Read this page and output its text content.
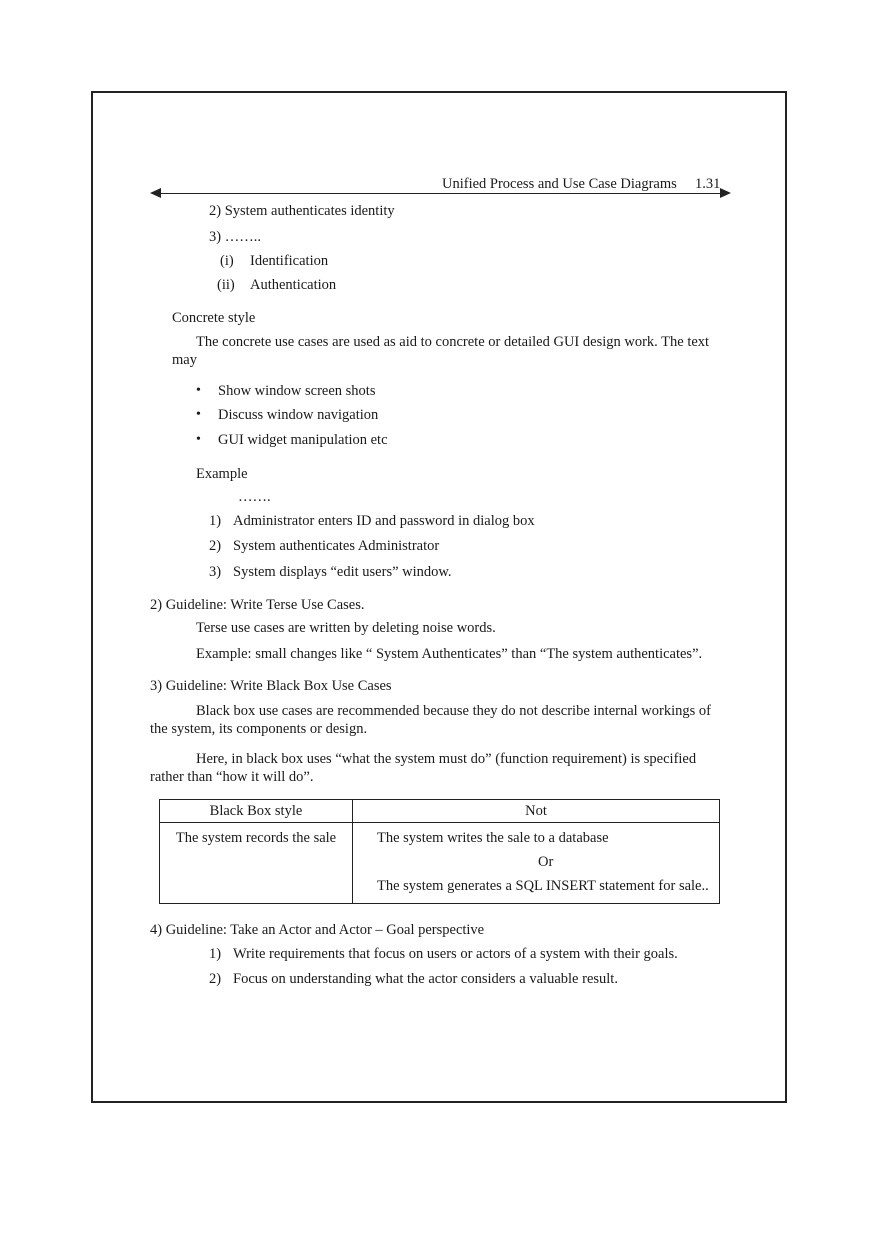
Unified Process and Use Case Diagrams 1.31
2) System authenticates identity
3) ……..
(i) Identification
(ii) Authentication
Concrete style
The concrete use cases are used as aid to concrete or detailed GUI design work. The text may
• Show window screen shots
• Discuss window navigation
• GUI widget manipulation etc
Example
…….
1) Administrator enters ID and password in dialog box
2) System authenticates Administrator
3) System displays “edit users” window.
2) Guideline: Write Terse Use Cases.
Terse use cases are written by deleting noise words.
Example: small changes like “ System Authenticates” than “The system authenticates”.
3) Guideline: Write Black Box Use Cases
Black box use cases are recommended because they do not describe internal workings of the system, its components or design.
Here, in black box uses “what the system must do” (function requirement) is specified rather than “how it will do”.
Black Box style	Not

The system records the sale	The system writes the sale to a database
Or
The system generates a SQL INSERT statement for sale..
4) Guideline: Take an Actor and Actor – Goal perspective
1) Write requirements that focus on users or actors of a system with their goals.
2) Focus on understanding what the actor considers a valuable result.
